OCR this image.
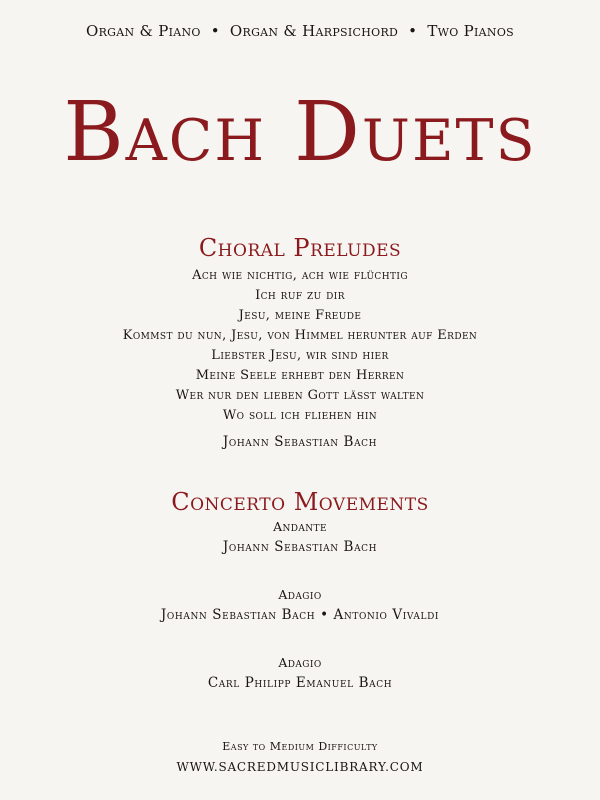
Organ & Piano • Organ & Harpsichord • Two Pianos
Bach Duets
Choral Preludes
Ach wie nichtig, ach wie flüchtig
Ich ruf zu dir
Jesu, meine Freude
Kommst du nun, Jesu, von Himmel herunter auf Erden
Liebster Jesu, wir sind hier
Meine Seele erhebt den Herren
Wer nur den lieben Gott lässt walten
Wo soll ich fliehen hin
Johann Sebastian Bach
Concerto Movements
Andante
Johann Sebastian Bach
Adagio
Johann Sebastian Bach • Antonio Vivaldi
Adagio
Carl Philipp Emanuel Bach
Easy to Medium Difficulty
WWW.SACREDMUSICLIBRARY.COM
